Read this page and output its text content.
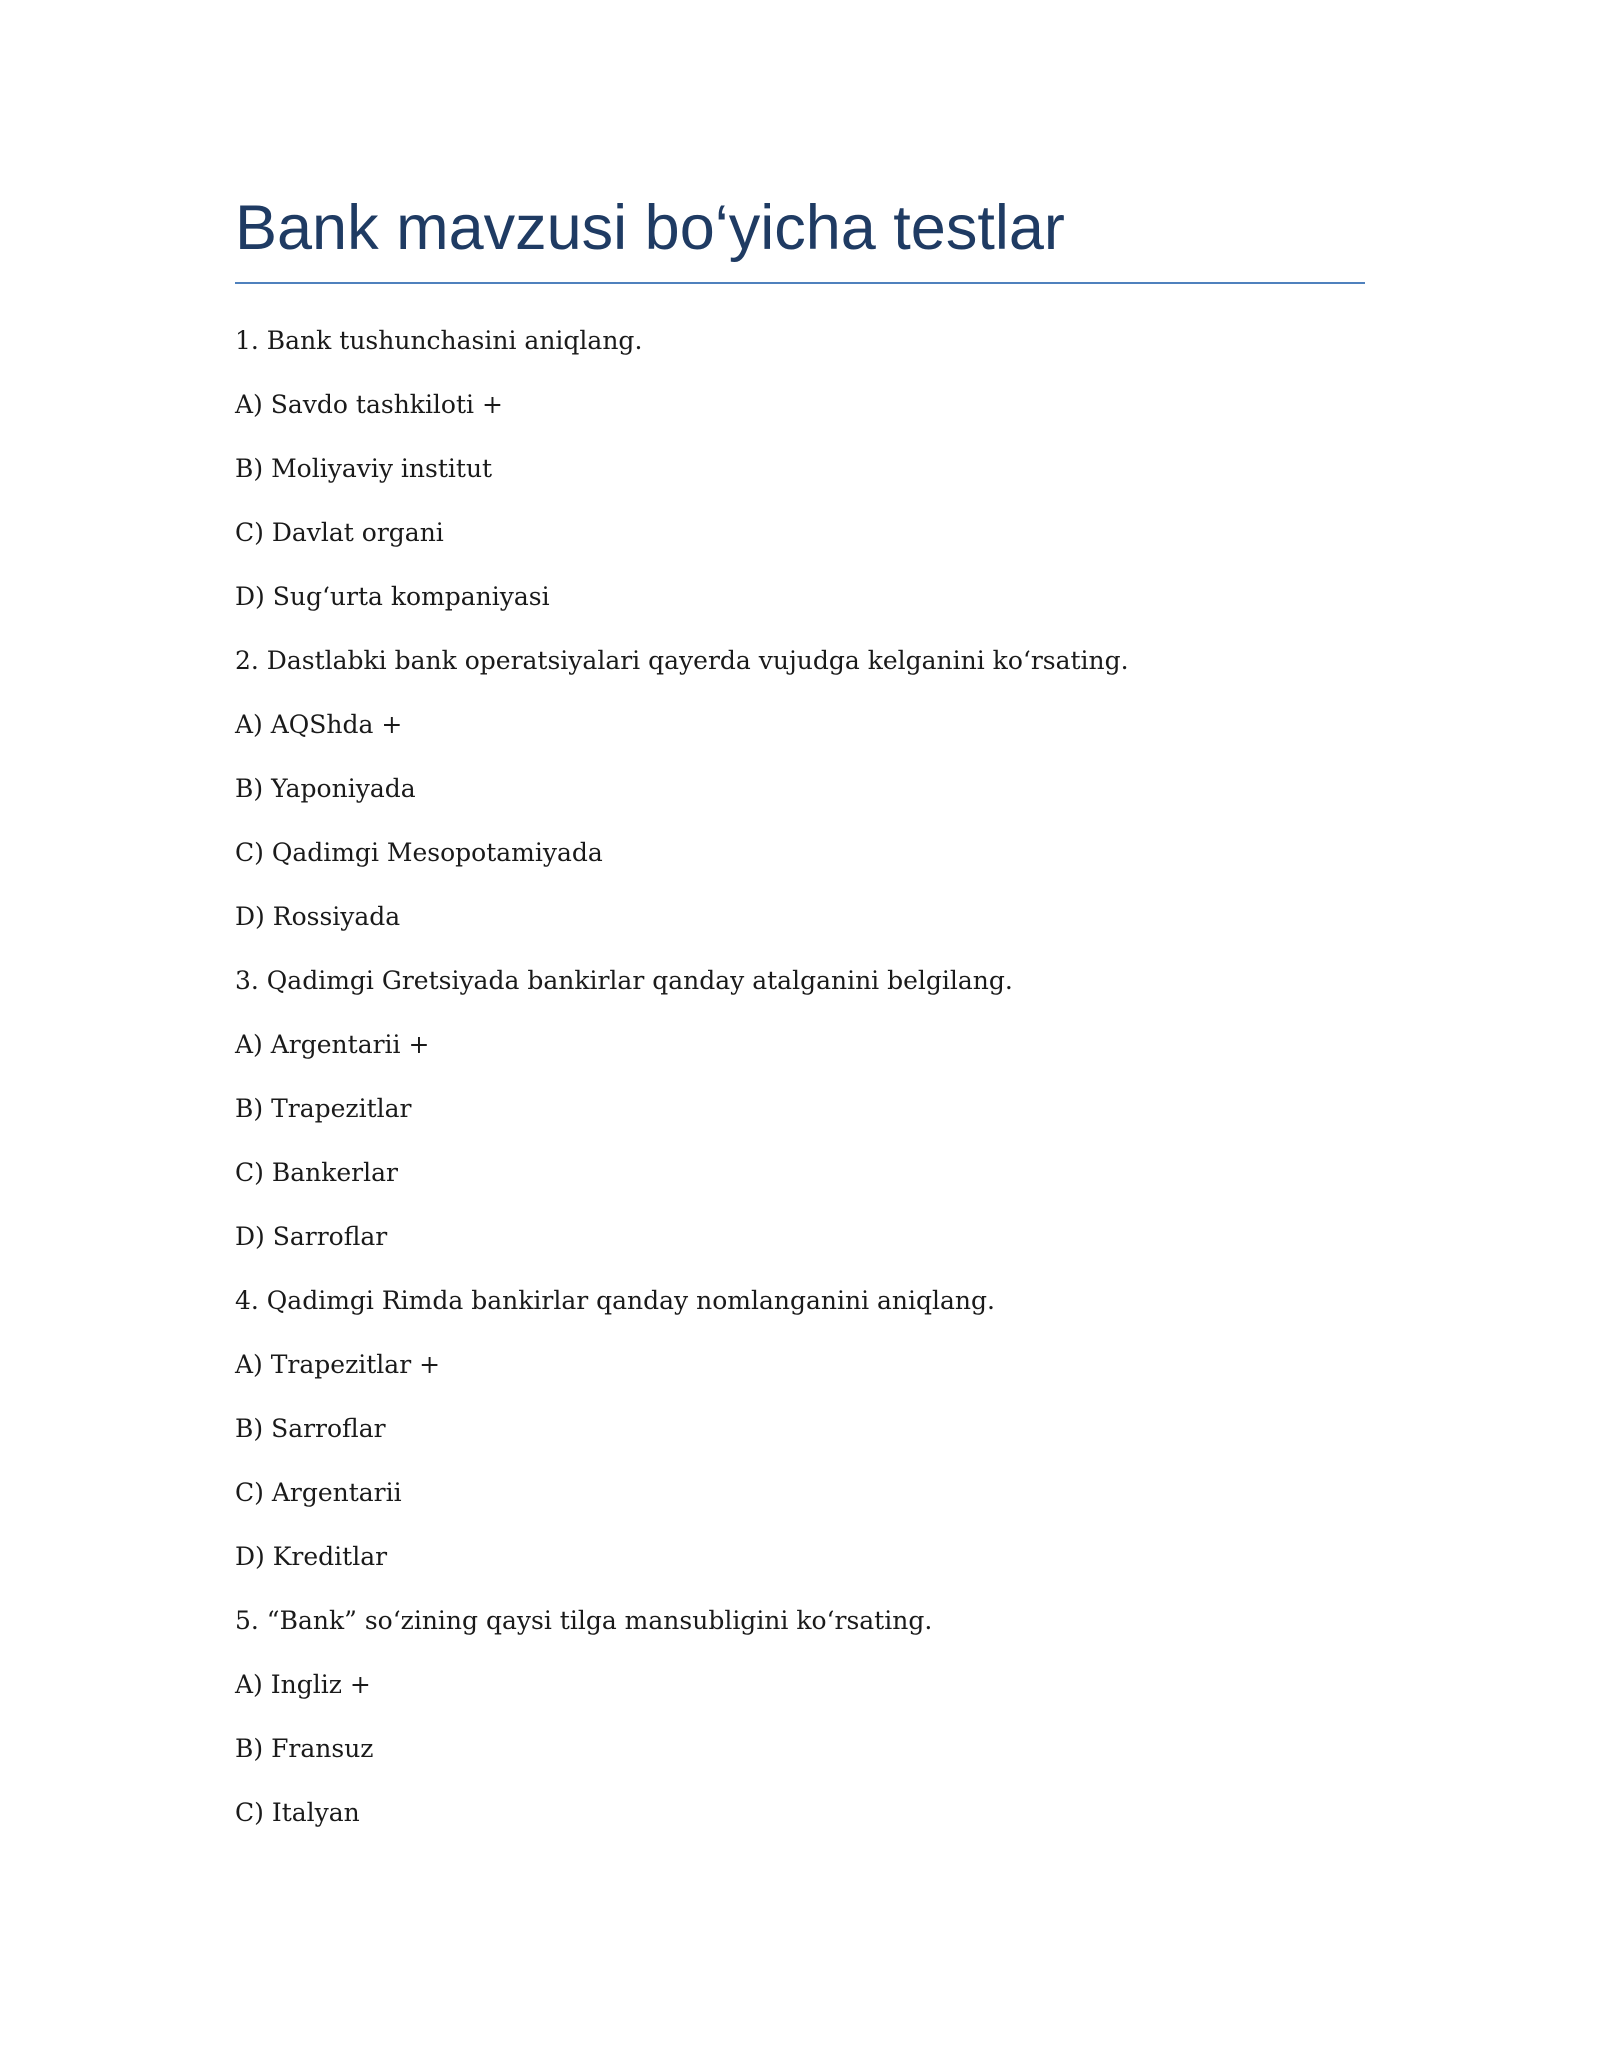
Bank mavzusi bo‘yicha testlar
1. Bank tushunchasini aniqlang.
A) Savdo tashkiloti +
B) Moliyaviy institut
C) Davlat organi
D) Sug‘urta kompaniyasi
2. Dastlabki bank operatsiyalari qayerda vujudga kelganini ko‘rsating.
A) AQShda +
B) Yaponiyada
C) Qadimgi Mesopotamiyada
D) Rossiyada
3. Qadimgi Gretsiyada bankirlar qanday atalganini belgilang.
A) Argentarii +
B) Trapezitlar
C) Bankerlar
D) Sarroflar
4. Qadimgi Rimda bankirlar qanday nomlanganini aniqlang.
A) Trapezitlar +
B) Sarroflar
C) Argentarii
D) Kreditlar
5. “Bank” so‘zining qaysi tilga mansubligini ko‘rsating.
A) Ingliz +
B) Fransuz
C) Italyan
